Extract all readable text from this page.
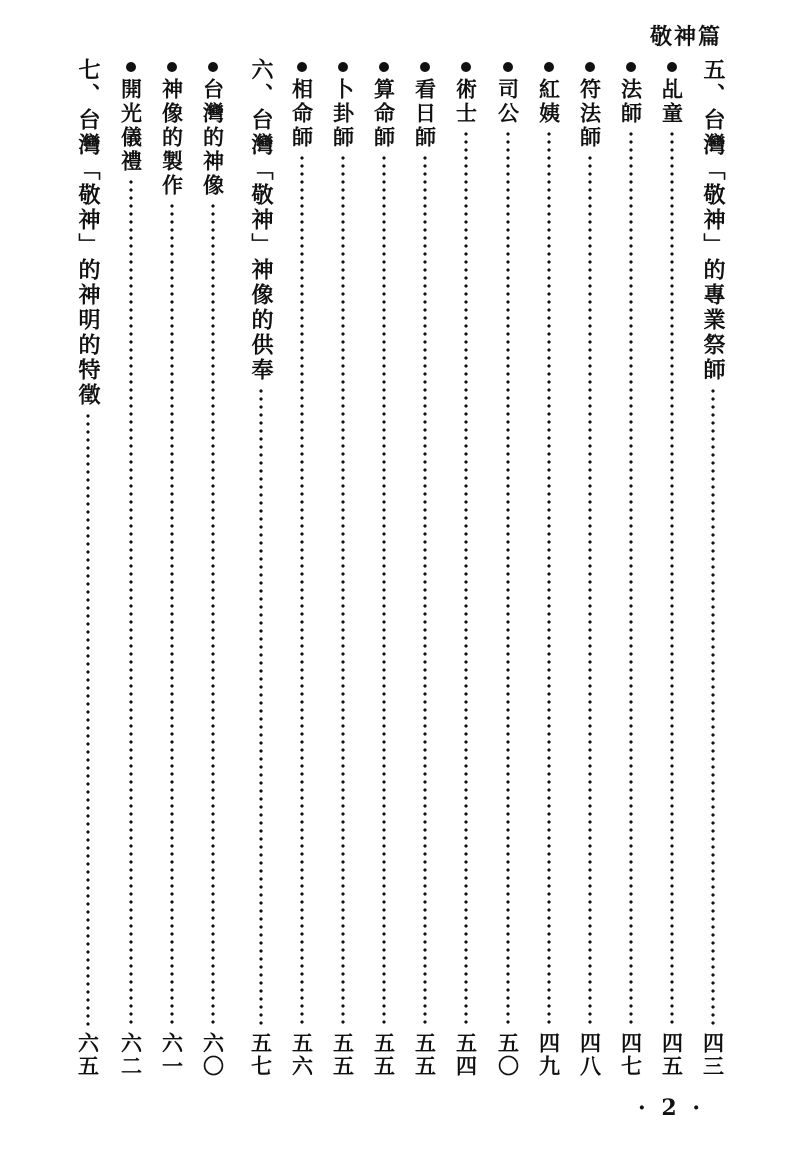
敬神篇
五、台灣「敬神」的專業祭師
四三
乩童
四五
法師
四七
符法師
四八
紅姨
四九
司公
五〇
術士
五四
看日師
五五
算命師
五五
卜卦師
五五
相命師
五六
六、台灣「敬神」神像的供奉
五七
台灣的神像
六〇
神像的製作
六一
開光儀禮
六二
七、台灣「敬神」的神明的特徵
六五
· 2 ·
